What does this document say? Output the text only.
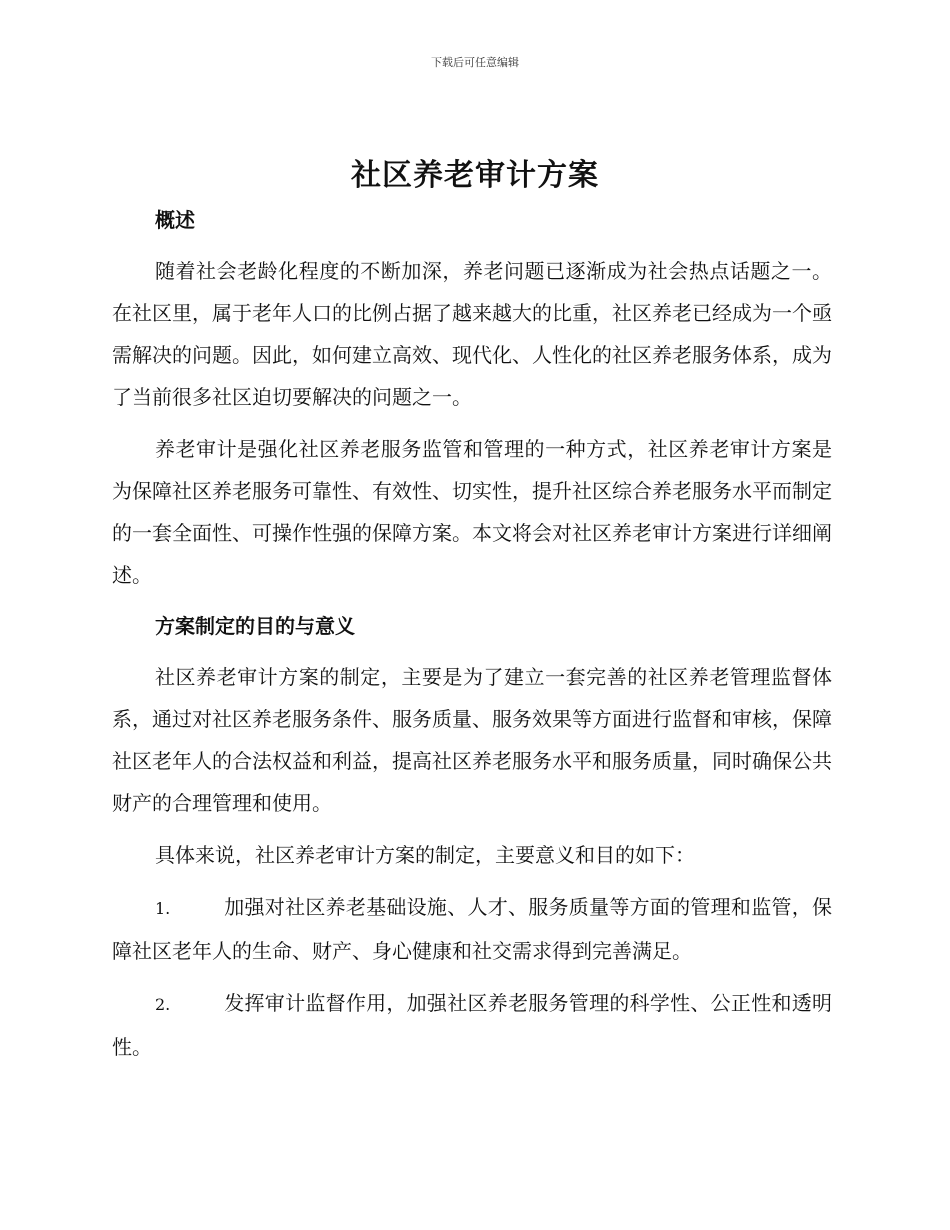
下载后可任意编辑
社区养老审计方案
概述

随着社会老龄化程度的不断加深，养老问题已逐渐成为社会热点话题之一。在社区里，属于老年人口的比例占据了越来越大的比重，社区养老已经成为一个亟需解决的问题。因此，如何建立高效、现代化、人性化的社区养老服务体系，成为了当前很多社区迫切要解决的问题之一。

养老审计是强化社区养老服务监管和管理的一种方式，社区养老审计方案是为保障社区养老服务可靠性、有效性、切实性，提升社区综合养老服务水平而制定的一套全面性、可操作性强的保障方案。本文将会对社区养老审计方案进行详细阐述。

方案制定的目的与意义

社区养老审计方案的制定，主要是为了建立一套完善的社区养老管理监督体系，通过对社区养老服务条件、服务质量、服务效果等方面进行监督和审核，保障社区老年人的合法权益和利益，提高社区养老服务水平和服务质量，同时确保公共财产的合理管理和使用。

具体来说，社区养老审计方案的制定，主要意义和目的如下：

1.	加强对社区养老基础设施、人才、服务质量等方面的管理和监管，保障社区老年人的生命、财产、身心健康和社交需求得到完善满足。

2.	发挥审计监督作用，加强社区养老服务管理的科学性、公正性和透明性。
